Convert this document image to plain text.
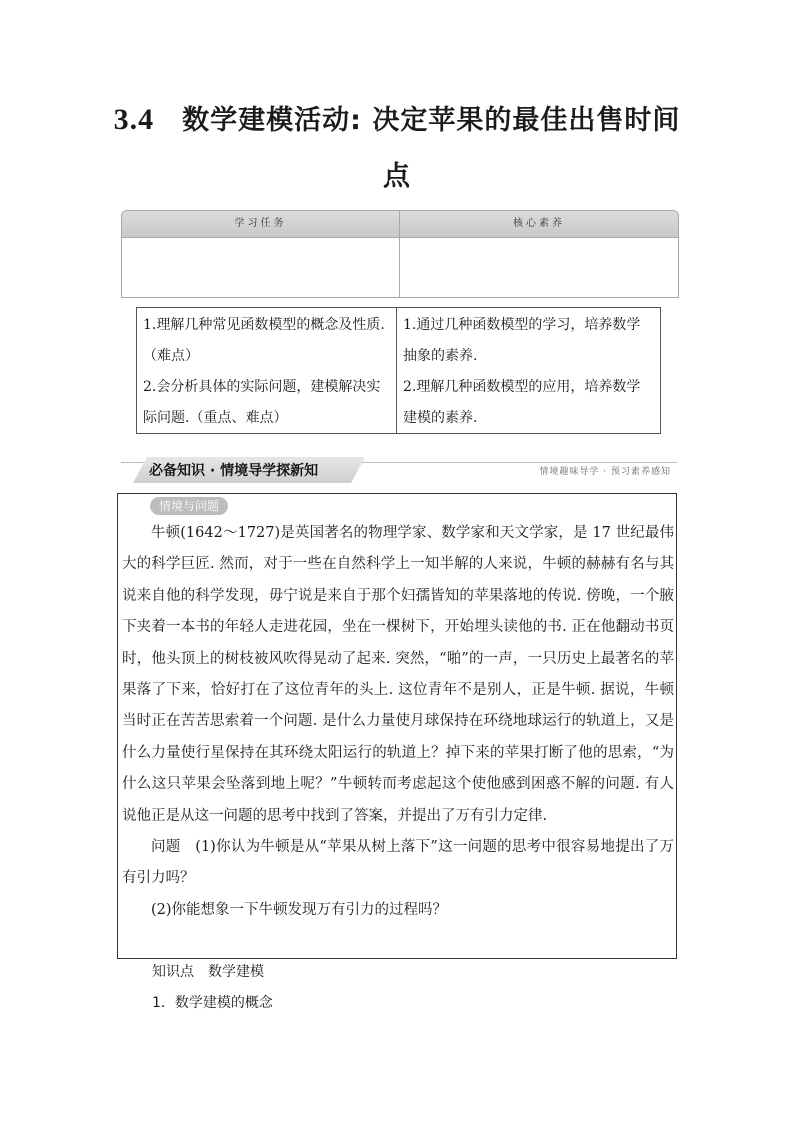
3.4 数学建模活动: 决定苹果的最佳出售时间点
学习任务	核心素养
1.理解几种常见函数模型的概念及性质.（难点）
2.会分析具体的实际问题，建模解决实际问题.（重点、难点）
1.通过几种函数模型的学习，培养数学抽象的素养.
2.理解几种函数模型的应用，培养数学建模的素养.
必备知识 · 情境导学探新知	情境趣味导学 · 预习素养感知
情境与问题

牛顿(1642～1727)是英国著名的物理学家、数学家和天文学家，是 17 世纪最伟大的科学巨匠. 然而，对于一些在自然科学上一知半解的人来说，牛顿的赫赫有名与其说来自他的科学发现，毋宁说是来自于那个妇孺皆知的苹果落地的传说. 傍晚，一个腋下夹着一本书的年轻人走进花园，坐在一棵树下，开始埋头读他的书. 正在他翻动书页时，他头顶上的树枝被风吹得晃动了起来. 突然，“啪”的一声，一只历史上最著名的苹果落了下来，恰好打在了这位青年的头上. 这位青年不是别人，正是牛顿. 据说，牛顿当时正在苦苦思索着一个问题. 是什么力量使月球保持在环绕地球运行的轨道上，又是什么力量使行星保持在其环绕太阳运行的轨道上？掉下来的苹果打断了他的思索，“为什么这只苹果会坠落到地上呢？”牛顿转而考虑起这个使他感到困惑不解的问题. 有人说他正是从这一问题的思考中找到了答案，并提出了万有引力定律.

问题　(1)你认为牛顿是从“苹果从树上落下”这一问题的思考中很容易地提出了万有引力吗？

(2)你能想象一下牛顿发现万有引力的过程吗？

知识点　数学建模
1．数学建模的概念
